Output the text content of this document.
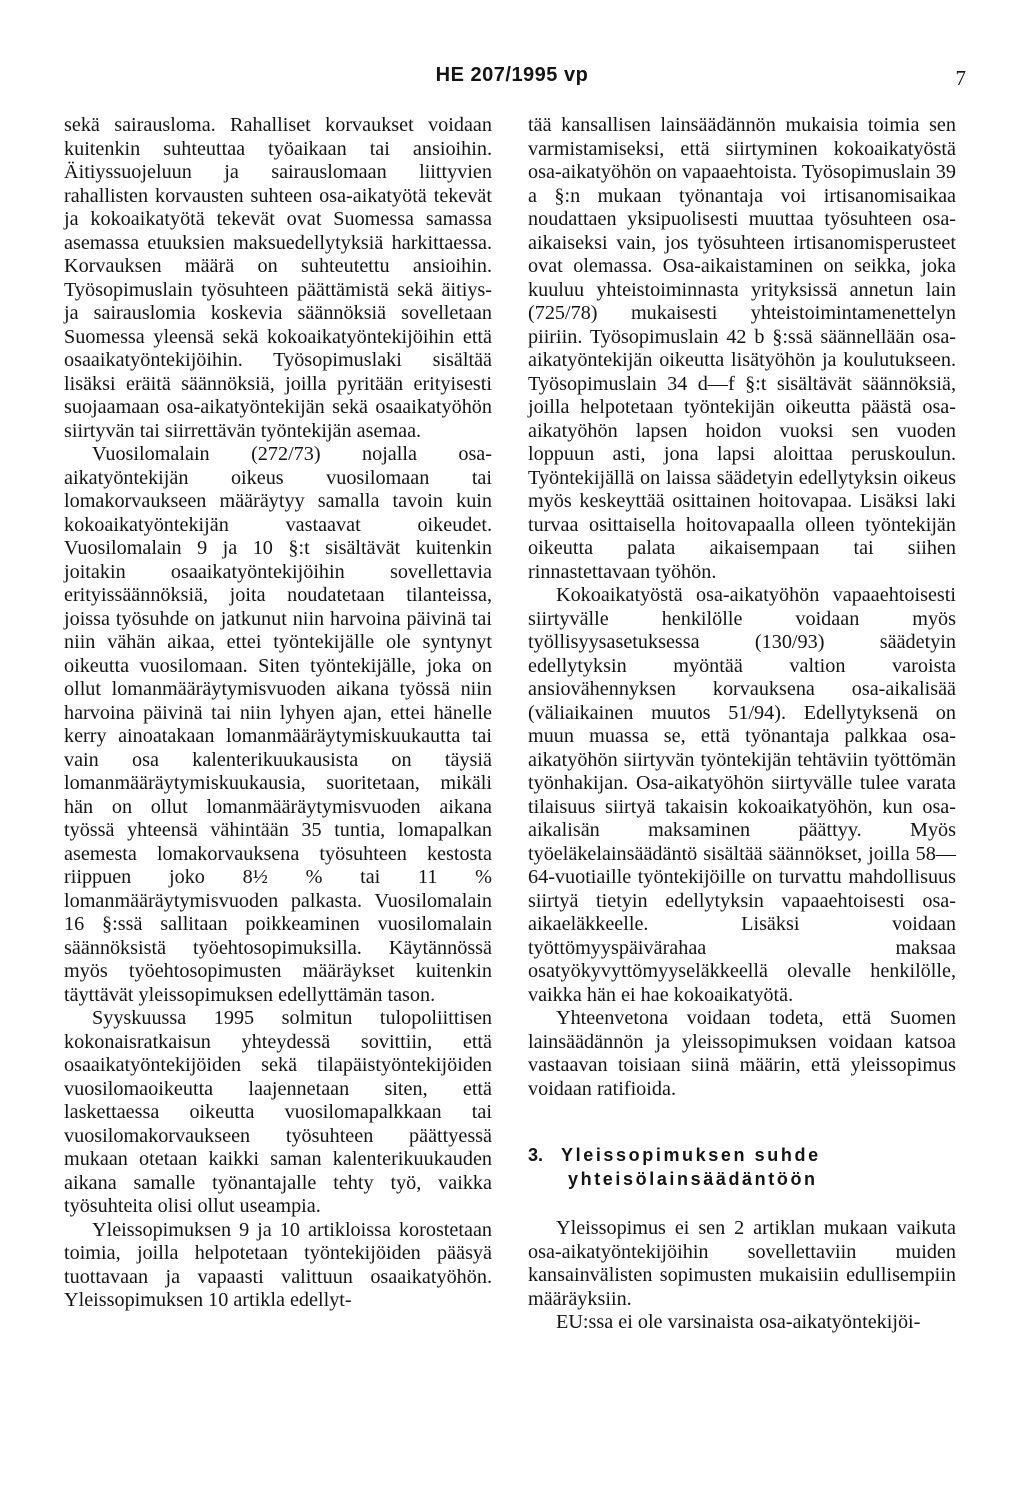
HE 207/1995 vp	7

sekä sairausloma. Rahalliset korvaukset voidaan kuitenkin suhteuttaa työaikaan tai ansioihin. Äitiyssuojeluun ja sairauslomaan liittyvien rahallisten korvausten suhteen osa-aikatyötä tekevät ja kokoaikatyötä tekevät ovat Suomessa samassa asemassa etuuksien maksuedellytyksiä harkittaessa. Korvauksen määrä on suhteutettu ansioihin. Työsopimuslain työsuhteen päättämistä sekä äitiys- ja sairauslomia koskevia säännöksiä sovelletaan Suomessa yleensä sekä kokoaikatyöntekijöihin että osaaikatyöntekijöihin. Työsopimuslaki sisältää lisäksi eräitä säännöksiä, joilla pyritään erityisesti suojaamaan osa-aikatyöntekijän sekä osaaikatyöhön siirtyvän tai siirrettävän työntekijän asemaa.

Vuosilomalain (272/73) nojalla osa-aikatyöntekijän oikeus vuosilomaan tai lomakorvaukseen määräytyy samalla tavoin kuin kokoaikatyöntekijän vastaavat oikeudet. Vuosilomalain 9 ja 10 §:t sisältävät kuitenkin joitakin osaaikatyöntekijöihin sovellettavia erityissäännöksiä, joita noudatetaan tilanteissa, joissa työsuhde on jatkunut niin harvoina päivinä tai niin vähän aikaa, ettei työntekijälle ole syntynyt oikeutta vuosilomaan. Siten työntekijälle, joka on ollut lomanmääräytymisvuoden aikana työssä niin harvoina päivinä tai niin lyhyen ajan, ettei hänelle kerry ainoatakaan lomanmääräytymiskuukautta tai vain osa kalenterikuukausista on täysiä lomanmääräytymiskuukausia, suoritetaan, mikäli hän on ollut lomanmääräytymisvuoden aikana työssä yhteensä vähintään 35 tuntia, lomapalkan asemesta lomakorvauksena työsuhteen kestosta riippuen joko 8½ % tai 11 % lomanmääräytymisvuoden palkasta. Vuosilomalain 16 §:ssä sallitaan poikkeaminen vuosilomalain säännöksistä työehtosopimuksilla. Käytännössä myös työehtosopimusten määräykset kuitenkin täyttävät yleissopimuksen edellyttämän tason.

Syyskuussa 1995 solmitun tulopoliittisen kokonaisratkaisun yhteydessä sovittiin, että osaaikatyöntekijöiden sekä tilapäistyöntekijöiden vuosilomaoikeutta laajennetaan siten, että laskettaessa oikeutta vuosilomapalkkaan tai vuosilomakorvaukseen työsuhteen päättyessä mukaan otetaan kaikki saman kalenterikuukauden aikana samalle työnantajalle tehty työ, vaikka työsuhteita olisi ollut useampia.

Yleissopimuksen 9 ja 10 artikloissa korostetaan toimia, joilla helpotetaan työntekijöiden pääsyä tuottavaan ja vapaasti valittuun osaaikatyöhön. Yleissopimuksen 10 artikla edellyt-

tää kansallisen lainsäädännön mukaisia toimia sen varmistamiseksi, että siirtyminen kokoaikatyöstä osa-aikatyöhön on vapaaehtoista. Työsopimuslain 39 a §:n mukaan työnantaja voi irtisanomisaikaa noudattaen yksipuolisesti muuttaa työsuhteen osa-aikaiseksi vain, jos työsuhteen irtisanomisperusteet ovat olemassa. Osa-aikaistaminen on seikka, joka kuuluu yhteistoiminnasta yrityksissä annetun lain (725/78) mukaisesti yhteistoimintamenettelyn piiriin. Työsopimuslain 42 b §:ssä säännellään osa-aikatyöntekijän oikeutta lisätyöhön ja koulutukseen. Työsopimuslain 34 d—f §:t sisältävät säännöksiä, joilla helpotetaan työntekijän oikeutta päästä osa-aikatyöhön lapsen hoidon vuoksi sen vuoden loppuun asti, jona lapsi aloittaa peruskoulun. Työntekijällä on laissa säädetyin edellytyksin oikeus myös keskeyttää osittainen hoitovapaa. Lisäksi laki turvaa osittaisella hoitovapaalla olleen työntekijän oikeutta palata aikaisempaan tai siihen rinnastettavaan työhön.

Kokoaikatyöstä osa-aikatyöhön vapaaehtoisesti siirtyvälle henkilölle voidaan myös työllisyysasetuksessa (130/93) säädetyin edellytyksin myöntää valtion varoista ansiovähennyksen korvauksena osa-aikalisää (väliaikainen muutos 51/94). Edellytyksenä on muun muassa se, että työnantaja palkkaa osa-aikatyöhön siirtyvän työntekijän tehtäviin työttömän työnhakijan. Osa-aikatyöhön siirtyvälle tulee varata tilaisuus siirtyä takaisin kokoaikatyöhön, kun osa-aikalisän maksaminen päättyy. Myös työeläkelainsäädäntö sisältää säännökset, joilla 58—64-vuotiaille työntekijöille on turvattu mahdollisuus siirtyä tietyin edellytyksin vapaaehtoisesti osa-aikaeläkkeelle. Lisäksi voidaan työttömyyspäivärahaa maksaa osatyökyvyttömyyseläkkeellä olevalle henkilölle, vaikka hän ei hae kokoaikatyötä.

Yhteenvetona voidaan todeta, että Suomen lainsäädännön ja yleissopimuksen voidaan katsoa vastaavan toisiaan siinä määrin, että yleissopimus voidaan ratifioida.

3. Yleissopimuksen suhde
yhteisölainsäädäntöön

Yleissopimus ei sen 2 artiklan mukaan vaikuta osa-aikatyöntekijöihin sovellettaviin muiden kansainvälisten sopimusten mukaisiin edullisempiin määräyksiin.

EU:ssa ei ole varsinaista osa-aikatyöntekijöi-
